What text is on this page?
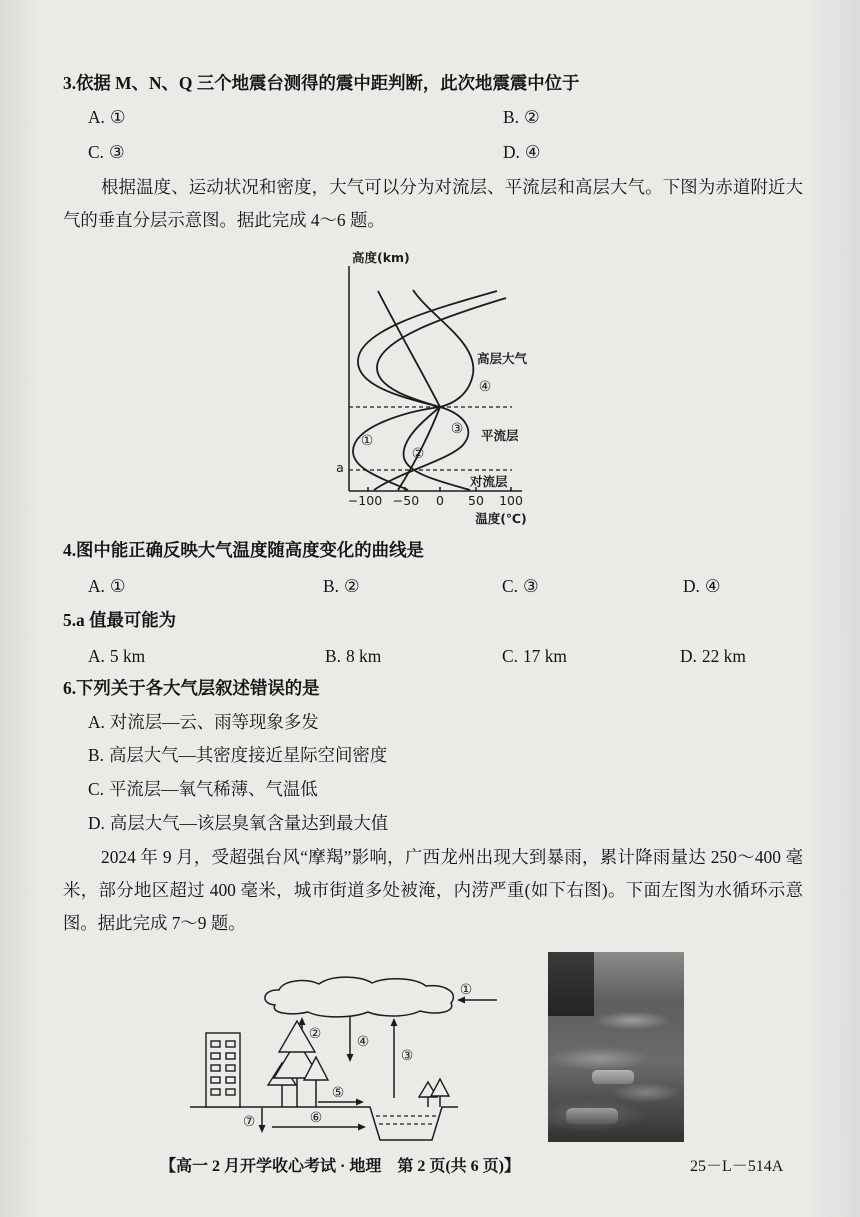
3.依据 M、N、Q 三个地震台测得的震中距判断，此次地震震中位于
A. ①	B. ②
C. ③	D. ④
根据温度、运动状况和密度，大气可以分为对流层、平流层和高层大气。下图为赤道附近大气的垂直分层示意图。据此完成 4～6 题。
高度(km)
−100 −50 0 50 100
温度(℃)
a
①
②
③
④
高层大气
平流层
对流层
4.图中能正确反映大气温度随高度变化的曲线是
A. ①	B. ②	C. ③	D. ④
5.a 值最可能为
A. 5 km	B. 8 km	C. 17 km	D. 22 km
6.下列关于各大气层叙述错误的是
A. 对流层—云、雨等现象多发
B. 高层大气—其密度接近星际空间密度
C. 平流层—氧气稀薄、气温低
D. 高层大气—该层臭氧含量达到最大值
2024 年 9 月，受超强台风“摩羯”影响，广西龙州出现大到暴雨，累计降雨量达 250～400 毫米，部分地区超过 400 毫米，城市街道多处被淹，内涝严重(如下右图)。下面左图为水循环示意图。据此完成 7～9 题。
①
②
③
④
⑤
⑥
⑦
【高一 2 月开学收心考试 · 地理　第 2 页(共 6 页)】	25－L－514A
